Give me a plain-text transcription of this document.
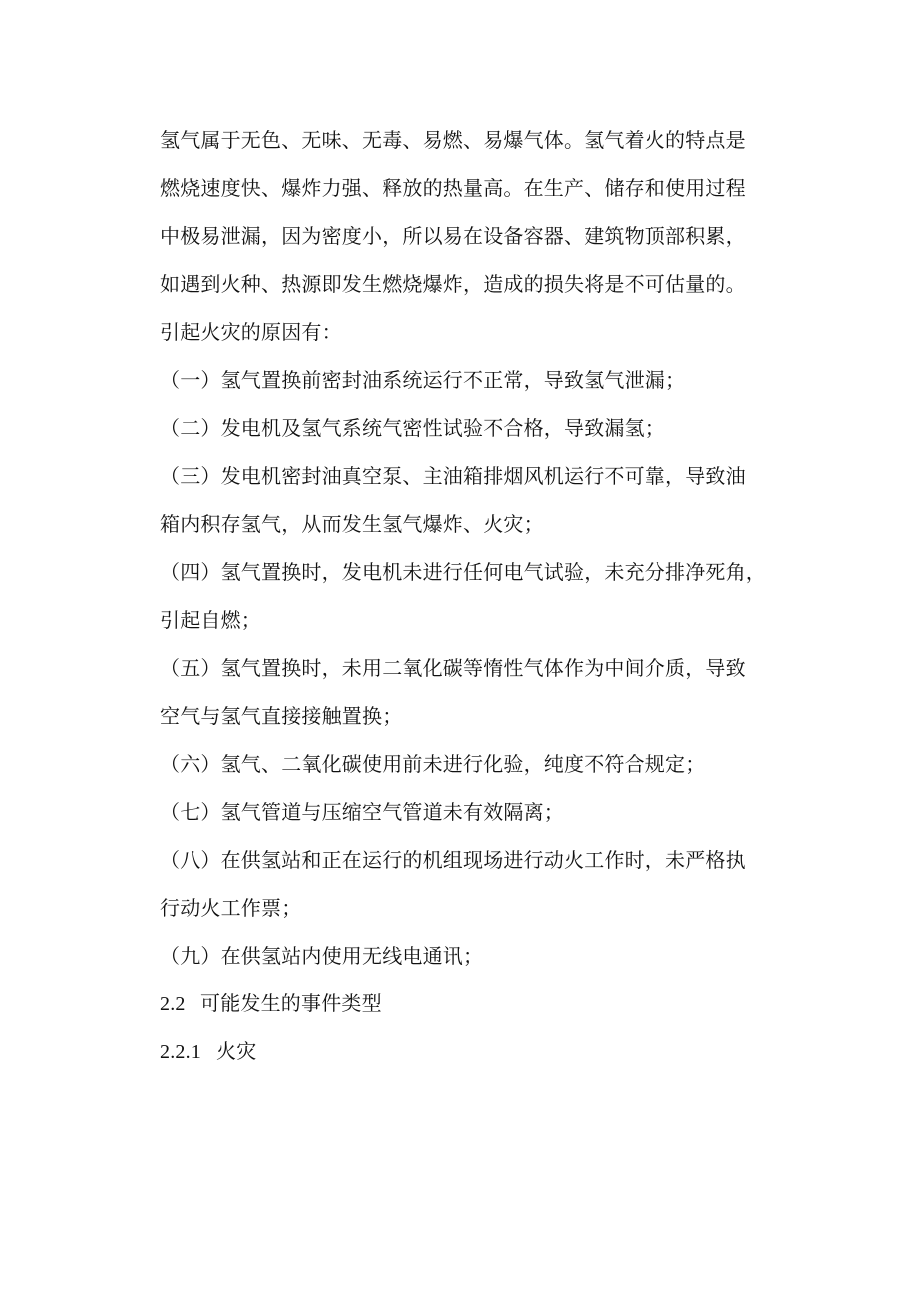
氢气属于无色、无味、无毒、易燃、易爆气体。氢气着火的特点是
燃烧速度快、爆炸力强、释放的热量高。在生产、储存和使用过程
中极易泄漏，因为密度小，所以易在设备容器、建筑物顶部积累，
如遇到火种、热源即发生燃烧爆炸，造成的损失将是不可估量的。
引起火灾的原因有：
（一）氢气置换前密封油系统运行不正常，导致氢气泄漏；
（二）发电机及氢气系统气密性试验不合格，导致漏氢；
（三）发电机密封油真空泵、主油箱排烟风机运行不可靠，导致油
箱内积存氢气，从而发生氢气爆炸、火灾；
（四）氢气置换时，发电机未进行任何电气试验，未充分排净死角，
引起自燃；
（五）氢气置换时，未用二氧化碳等惰性气体作为中间介质，导致
空气与氢气直接接触置换；
（六）氢气、二氧化碳使用前未进行化验，纯度不符合规定；
（七）氢气管道与压缩空气管道未有效隔离；
（八）在供氢站和正在运行的机组现场进行动火工作时，未严格执
行动火工作票；
（九）在供氢站内使用无线电通讯；
2.2 可能发生的事件类型
2.2.1 火灾
